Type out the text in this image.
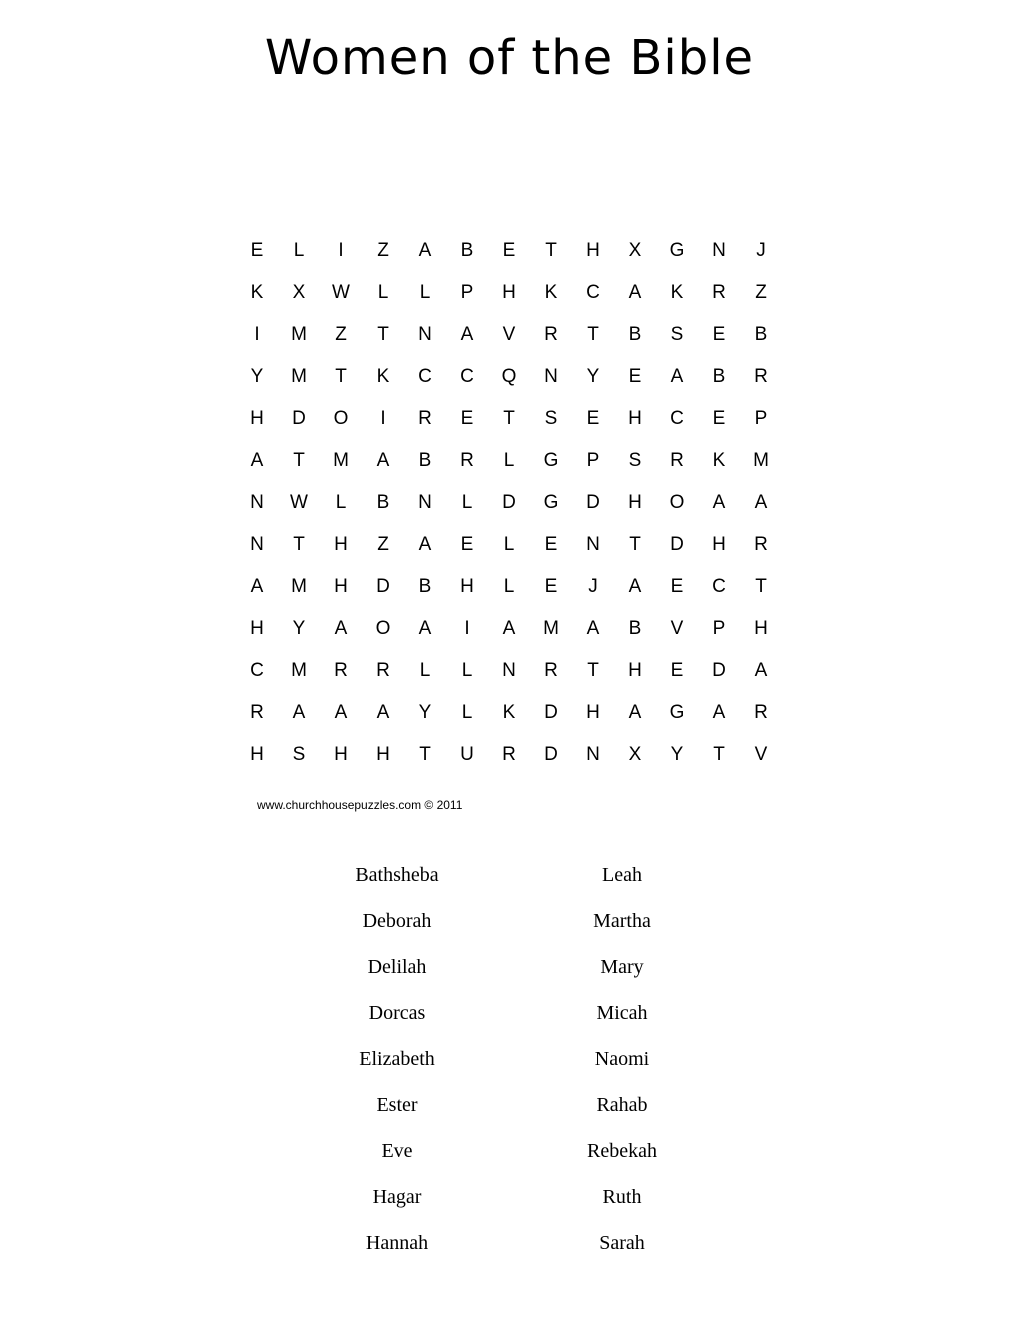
Women of the Bible
E	L	I	Z	A	B	E	T	H	X	G	N	J
K	X	W	L	L	P	H	K	C	A	K	R	Z
I	M	Z	T	N	A	V	R	T	B	S	E	B
Y	M	T	K	C	C	Q	N	Y	E	A	B	R
H	D	O	I	R	E	T	S	E	H	C	E	P
A	T	M	A	B	R	L	G	P	S	R	K	M
N	W	L	B	N	L	D	G	D	H	O	A	A
N	T	H	Z	A	E	L	E	N	T	D	H	R
A	M	H	D	B	H	L	E	J	A	E	C	T
H	Y	A	O	A	I	A	M	A	B	V	P	H
C	M	R	R	L	L	N	R	T	H	E	D	A
R	A	A	A	Y	L	K	D	H	A	G	A	R
H	S	H	H	T	U	R	D	N	X	Y	T	V
www.churchhousepuzzles.com © 2011
Bathsheba
Deborah
Delilah
Dorcas
Elizabeth
Ester
Eve
Hagar
Hannah
Leah
Martha
Mary
Micah
Naomi
Rahab
Rebekah
Ruth
Sarah
